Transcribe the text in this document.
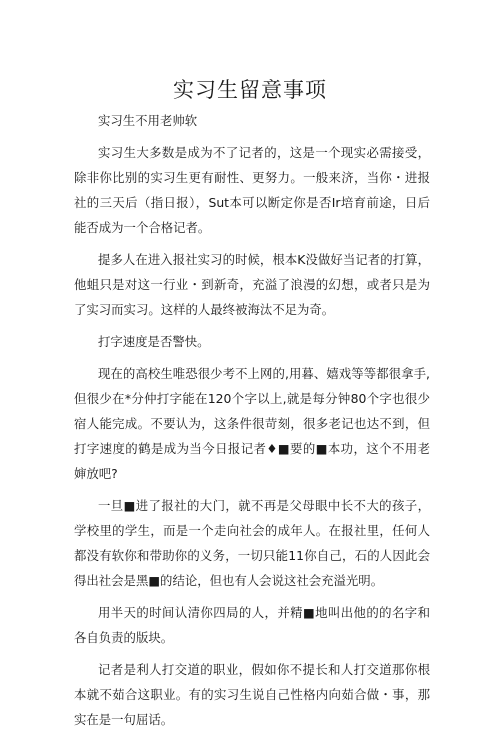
实习生留意事项

实习生不用老帅软

实习生大多数是成为不了记者的，这是一个现实必需接受，除非你比别的实习生更有耐性、更努力。一般来济，当你・进报社的三天后（指日报），Sut本可以断定你是否Ir培育前途，日后能否成为一个合格记者。

提多人在进入报社实习的时候，根本K没做好当记者的打算，他蛆只是对这一行业・到新奇，充溢了浪漫的幻想，或者只是为了实习而实习。这样的人最终被海汰不足为奇。

打字速度是否警快。

现在的高校生唯恐很少考不上网的,用暮、嬉戏等等都很拿手,但很少在*分仲打字能在120个字以上,就是每分钟80个字也很少宿人能完成。不要认为，这条件很苛刻，很多老记也达不到，但打字速度的鹤是成为当今日报记者♦■要的■本功，这个不用老婶放吧?

一旦■进了报社的大门，就不再是父母眼中长不大的孩子，学校里的学生，而是一个走向社会的成年人。在报社里，任何人都没有软你和带助你的义务，一切只能11你自己，石的人因此会得出社会是黑■的结论，但也有人会说这社会充溢光明。

用半天的时间认清你四局的人，并精■地叫出他的的名字和各自负责的版块。

记者是利人打交道的职业，假如你不提长和人打交道那你根本就不茹合这职业。有的实习生说自己性格内向茹合做・事，那实在是一句屈话。
